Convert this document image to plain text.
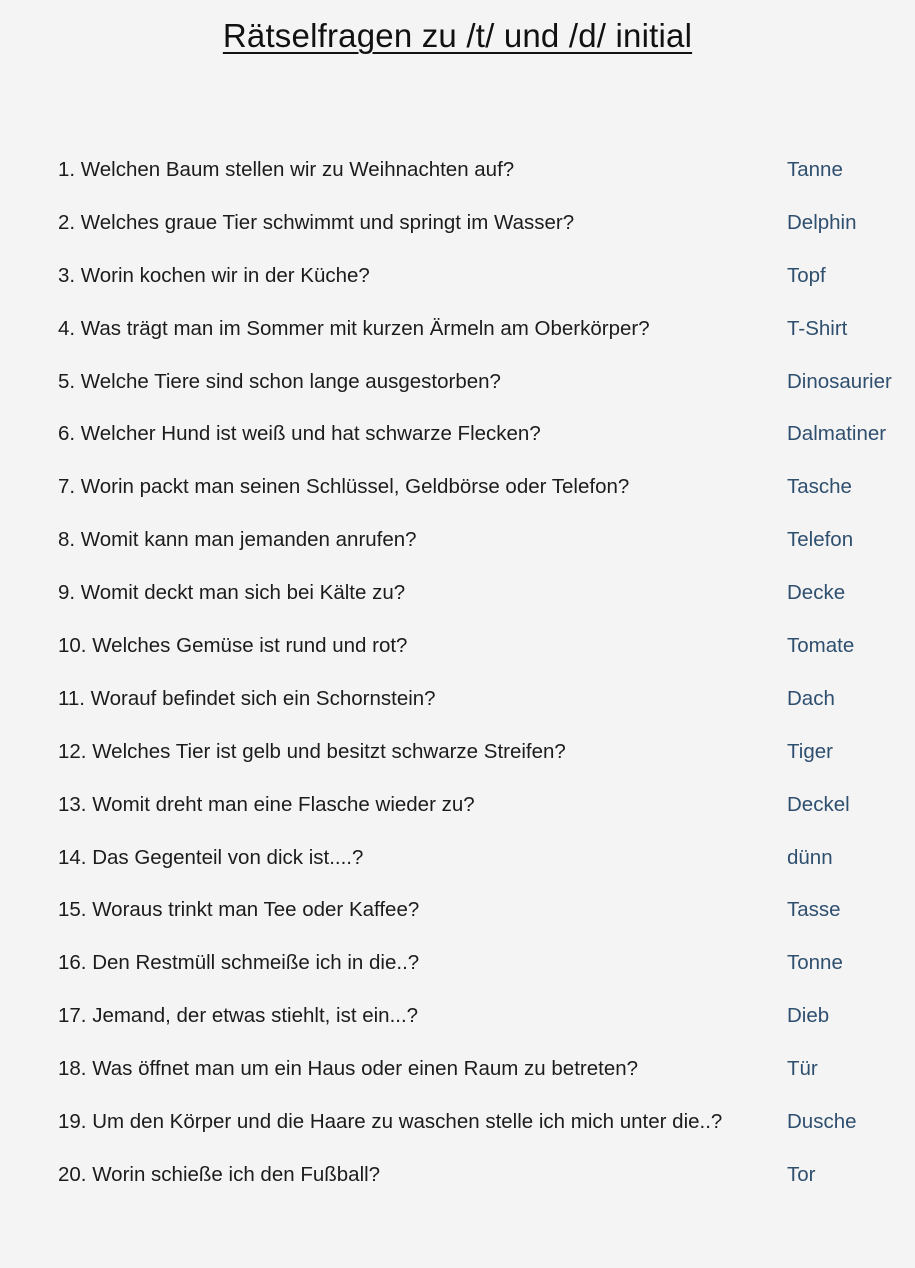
Rätselfragen zu /t/ und /d/ initial
1. Welchen Baum stellen wir zu Weihnachten auf?	Tanne
2. Welches graue Tier schwimmt und springt im Wasser?	Delphin
3. Worin kochen wir in der Küche?	Topf
4. Was trägt man im Sommer mit kurzen Ärmeln am Oberkörper?	T-Shirt
5. Welche Tiere sind schon lange ausgestorben?	Dinosaurier
6. Welcher Hund ist weiß und hat schwarze Flecken?	Dalmatiner
7. Worin packt man seinen Schlüssel, Geldbörse oder Telefon?	Tasche
8. Womit kann man jemanden anrufen?	Telefon
9. Womit deckt man sich bei Kälte zu?	Decke
10. Welches Gemüse ist rund und rot?	Tomate
11. Worauf befindet sich ein Schornstein?	Dach
12. Welches Tier ist gelb und besitzt schwarze Streifen?	Tiger
13. Womit dreht man eine Flasche wieder zu?	Deckel
14. Das Gegenteil von dick ist....?	dünn
15. Woraus trinkt man Tee oder Kaffee?	Tasse
16. Den Restmüll schmeiße ich in die..?	Tonne
17. Jemand, der etwas stiehlt, ist ein...?	Dieb
18. Was öffnet man um ein Haus oder einen Raum zu betreten?	Tür
19. Um den Körper und die Haare zu waschen stelle ich mich unter die..?	Dusche
20. Worin schieße ich den Fußball?	Tor
